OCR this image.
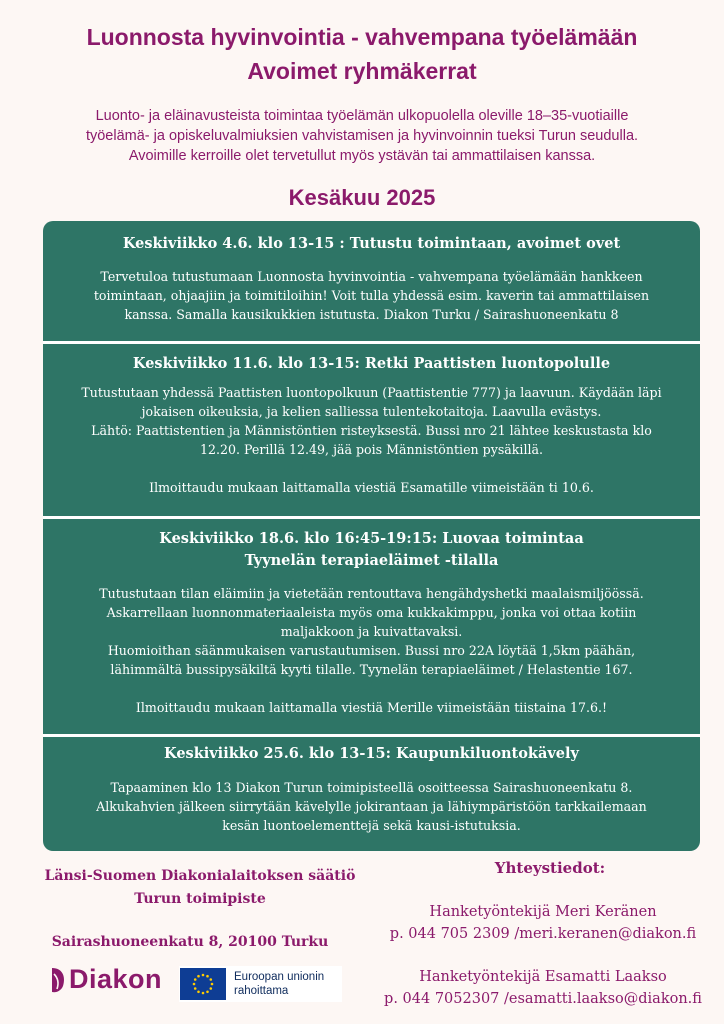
Luonnosta hyvinvointia - vahvempana työelämään
Avoimet ryhmäkerrat
Luonto- ja eläinavusteista toimintaa työelämän ulkopuolella oleville 18–35-vuotiaille
työelämä- ja opiskeluvalmiuksien vahvistamisen ja hyvinvoinnin tueksi Turun seudulla.
Avoimille kerroille olet tervetullut myös ystävän tai ammattilaisen kanssa.
Kesäkuu 2025
Keskiviikko 4.6. klo 13-15 : Tutustu toimintaan, avoimet ovet
Tervetuloa tutustumaan Luonnosta hyvinvointia - vahvempana työelämään hankkeen
toimintaan, ohjaajiin ja toimitiloihin! Voit tulla yhdessä esim. kaverin tai ammattilaisen
kanssa. Samalla kausikukkien istutusta. Diakon Turku / Sairashuoneenkatu 8
Keskiviikko 11.6. klo 13-15: Retki Paattisten luontopolulle
Tutustutaan yhdessä Paattisten luontopolkuun (Paattistentie 777) ja laavuun. Käydään läpi
jokaisen oikeuksia, ja kelien salliessa tulentekotaitoja. Laavulla evästys.
Lähtö: Paattistentien ja Männistöntien risteyksestä. Bussi nro 21 lähtee keskustasta klo
12.20. Perillä 12.49, jää pois Männistöntien pysäkillä.

Ilmoittaudu mukaan laittamalla viestiä Esamatille viimeistään ti 10.6.
Keskiviikko 18.6. klo 16:45-19:15: Luovaa toimintaa
Tyynelän terapiaeläimet -tilalla
Tutustutaan tilan eläimiin ja vietetään rentouttava hengähdyshetki maalaismiljöössä.
Askarrellaan luonnonmateriaaleista myös oma kukkakimppu, jonka voi ottaa kotiin
maljakkoon ja kuivattavaksi.
Huomioithan säänmukaisen varustautumisen. Bussi nro 22A löytää 1,5km päähän,
lähimmältä bussipysäkiltä kyyti tilalle. Tyynelän terapiaeläimet / Helastentie 167.

Ilmoittaudu mukaan laittamalla viestiä Merille viimeistään tiistaina 17.6.!
Keskiviikko 25.6. klo 13-15: Kaupunkiluontokävely
Tapaaminen klo 13 Diakon Turun toimipisteellä osoitteessa Sairashuoneenkatu 8.
Alkukahvien jälkeen siirrytään kävelylle jokirantaan ja lähiympäristöön tarkkailemaan
kesän luontoelementtejä sekä kausi-istutuksia.
Länsi-Suomen Diakonialaitoksen säätiö
Turun toimipiste
Sairashuoneenkatu 8, 20100 Turku
Yhteystiedot:
Hanketyöntekijä Meri Keränen
p. 044 705 2309 /meri.keranen@diakon.fi
Hanketyöntekijä Esamatti Laakso
p. 044 7052307 /esamatti.laakso@diakon.fi
Diakon	Euroopan unionin
rahoittama
